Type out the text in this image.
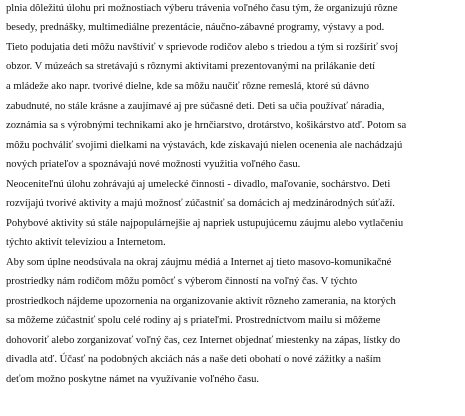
plnia dôležitú úlohu pri možnostiach výberu trávenia voľného času tým, že organizujú rôzne
besedy, prednášky, multimediálne prezentácie, náučno-zábavné programy, výstavy a pod.
Tieto podujatia deti môžu navštíviť v sprievode rodičov alebo s triedou a tým si rozšíriť svoj
obzor. V múzeách sa stretávajú s rôznymi aktivitami prezentovanými na prilákanie detí
a mládeže ako napr. tvorivé dielne, kde sa môžu naučiť rôzne remeslá, ktoré sú dávno
zabudnuté, no stále krásne a zaujímavé aj pre súčasné deti. Deti sa učia používať náradia,
zoznámia sa s výrobnými technikami ako je hrnčiarstvo, drotárstvo, košikárstvo atď. Potom sa
môžu pochváliť svojimi dielkami na výstavách, kde získavajú nielen ocenenia ale nachádzajú
nových priateľov a spoznávajú nové možnosti využitia voľného času.
Neoceniteľnú úlohu zohrávajú aj umelecké činnosti - divadlo, maľovanie, sochárstvo. Deti
rozvíjajú tvorivé aktivity a majú možnosť zúčastniť sa domácich aj medzinárodných súťaží.
Pohybové aktivity sú stále najpopulárnejšie aj napriek ustupujúcemu záujmu alebo vytlačeniu
týchto aktivít televíziou a Internetom.
Aby som úplne neodsúvala na okraj záujmu médiá a Internet aj tieto masovo-komunikačné
prostriedky nám rodičom môžu pomôcť s výberom činností na voľný čas. V týchto
prostriedkoch nájdeme upozornenia na organizovanie aktivít rôzneho zamerania, na ktorých
sa môžeme zúčastniť spolu celé rodiny aj s priateľmi. Prostredníctvom mailu si môžeme
dohovoriť alebo zorganizovať voľný čas, cez Internet objednať miestenky na zápas, lístky do
divadla atď. Účasť na podobných akciách nás a naše deti obohatí o nové zážitky a naším
deťom možno poskytne námet na využívanie voľného času.
